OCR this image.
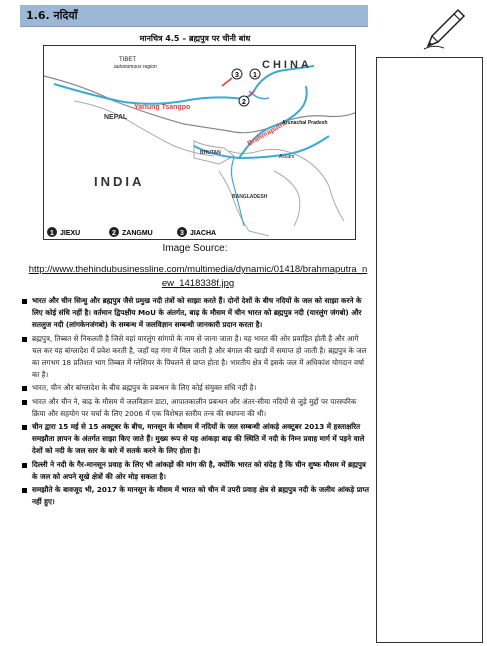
1.6. नदियाँ
मानचित्र 4.5 – ब्रह्मपुत्र पर चीनी बांध
TIBET
autonomous region	CHINA
NEPAL
BHUTAN
INDIA
BANGLADESH
Yarlung Tsangpo
Brahmaputra
Arunachal Pradesh
Assam
3 1
2
1 JIEXU	2 ZANGMU	3 JIACHA
Image Source:
http://www.thehindubusinessline.com/multimedia/dynamic/01418/brahmaputra_new_1418338f.jpg
भारत और चीन सिन्धु और ब्रह्मपुत्र जैसे प्रमुख नदी तंत्रों को साझा करते हैं। दोनों देशों के बीच नदियों के जल को साझा करने के लिए कोई संधि नहीं है। वर्तमान द्विपक्षीय MoU के अंतर्गत, बाढ़ के मौसम में चीन भारत को ब्रह्मपुत्र नदी (यारलुंग जंगबो) और सतलुज नदी (लांगकेनजंगबो) के सम्बन्ध में जलविज्ञान सम्बन्धी जानकारी प्रदान करता है।
ब्रह्मपुत्र, तिब्बत से निकलती है जिसे वहां यारलुंग सांगपो के नाम से जाना जाता है। यह भारत की ओर प्रवाहित होती है और आगे चल कर यह बांग्लादेश में प्रवेश करती है, जहाँ यह गंगा में मिल जाती है और बंगाल की खाड़ी में समाप्त हो जाती है। ब्रह्मपुत्र के जल का लगभग 18 प्रतिशत भाग तिब्बत में ग्लेशियर के पिघलने से प्राप्त होता है। भारतीय क्षेत्र में इसके जल में अधिकांश योगदान वर्षा का है।
भारत, चीन और बांग्लादेश के बीच ब्रह्मपुत्र के प्रबन्धन के लिए कोई संयुक्त संधि नहीं है।
भारत और चीन ने, बाढ़ के मौसम में जलविज्ञान डाटा, आपातकालीन प्रबन्धन और अंतर-सीमा नदियों से जुड़े मुद्दों पर पारस्परिक क्रिया और सहयोग पर चर्चा के लिए 2006 में एक विशेषज्ञ स्तरीय तन्त्र की स्थापना की थी।
चीन द्वारा 15 मई से 15 अक्टूबर के बीच, मानसून के मौसम में नदियों के जल सम्बन्धी आंकड़े अक्टूबर 2013 में हस्ताक्षरित समझौता ज्ञापन के अंतर्गत साझा किए जाते हैं। मुख्य रूप से यह आंकड़ा बाढ़ की स्थिति में नदी के निम्न प्रवाह मार्ग में पड़ने वाले देशों को नदी के जल स्तर के बारे में सतर्क करने के लिए होता है।
दिल्ली ने नदी के गैर-मानसून प्रवाह के लिए भी आंकड़ों की मांग की है, क्योंकि भारत को संदेह है कि चीन शुष्क मौसम में ब्रह्मपुत्र के जल को अपने सूखे क्षेत्रों की ओर मोड़ सकता है।
समझौते के बावजूद भी, 2017 के मानसून के मौसम में भारत को चीन में उपरी प्रवाह क्षेत्र से ब्रह्मपुत्र नदी के जलीय आंकड़े प्राप्त नहीं हुए।
